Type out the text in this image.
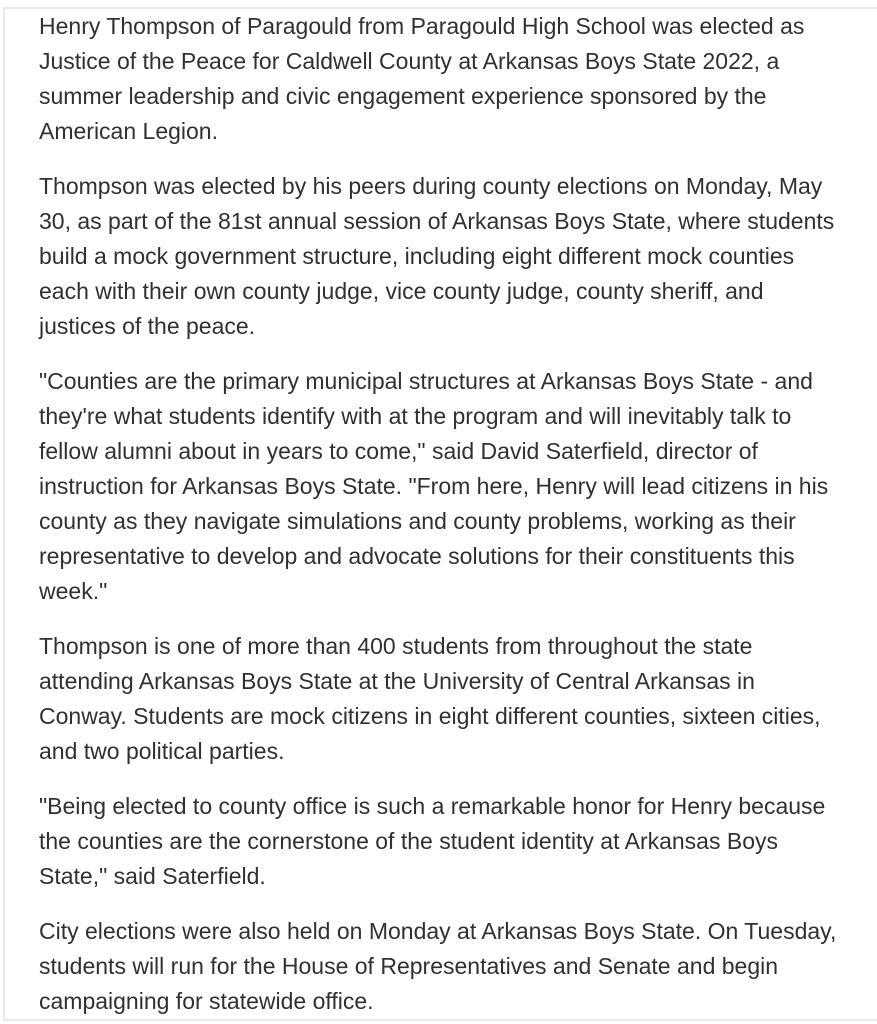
Henry Thompson of Paragould from Paragould High School was elected as Justice of the Peace for Caldwell County at Arkansas Boys State 2022, a summer leadership and civic engagement experience sponsored by the American Legion.

Thompson was elected by his peers during county elections on Monday, May 30, as part of the 81st annual session of Arkansas Boys State, where students build a mock government structure, including eight different mock counties each with their own county judge, vice county judge, county sheriff, and justices of the peace.

"Counties are the primary municipal structures at Arkansas Boys State - and they're what students identify with at the program and will inevitably talk to fellow alumni about in years to come," said David Saterfield, director of instruction for Arkansas Boys State. "From here, Henry will lead citizens in his county as they navigate simulations and county problems, working as their representative to develop and advocate solutions for their constituents this week."

Thompson is one of more than 400 students from throughout the state attending Arkansas Boys State at the University of Central Arkansas in Conway. Students are mock citizens in eight different counties, sixteen cities, and two political parties.

"Being elected to county office is such a remarkable honor for Henry because the counties are the cornerstone of the student identity at Arkansas Boys State," said Saterfield.

City elections were also held on Monday at Arkansas Boys State. On Tuesday, students will run for the House of Representatives and Senate and begin campaigning for statewide office.
